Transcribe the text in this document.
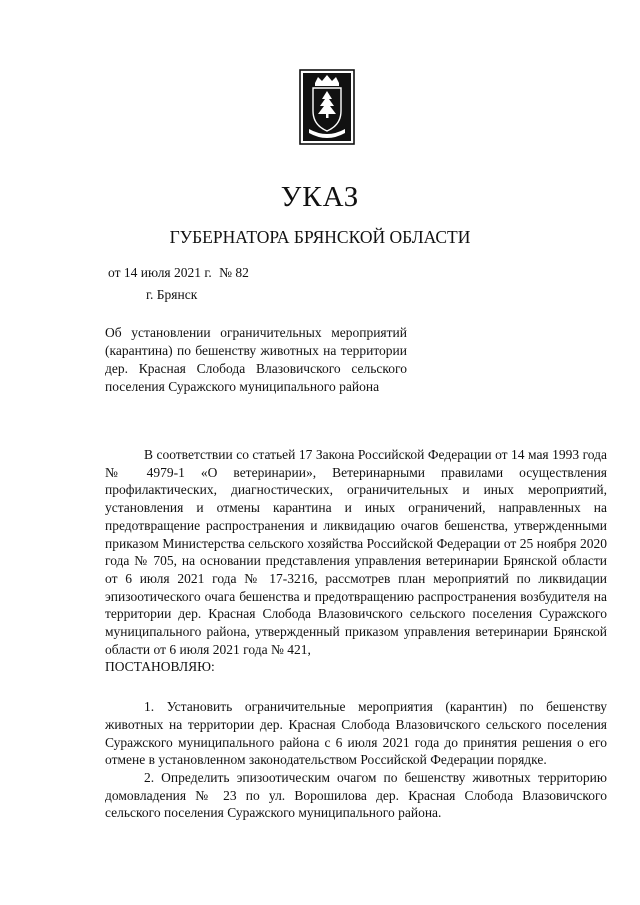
УКАЗ
ГУБЕРНАТОРА БРЯНСКОЙ ОБЛАСТИ
от 14 июля 2021 г. № 82
г. Брянск
Об установлении ограничительных мероприятий (карантина) по бешенству животных на территории дер. Красная Слобода Влазовичского сельского поселения Суражского муниципального района

В соответствии со статьей 17 Закона Российской Федерации от 14 мая 1993 года № 4979-1 «О ветеринарии», Ветеринарными правилами осуществления профилактических, диагностических, ограничительных и иных мероприятий, установления и отмены карантина и иных ограничений, направленных на предотвращение распространения и ликвидацию очагов бешенства, утвержденными приказом Министерства сельского хозяйства Российской Федерации от 25 ноября 2020 года № 705, на основании представления управления ветеринарии Брянской области от 6 июля 2021 года № 17-3216, рассмотрев план мероприятий по ликвидации эпизоотического очага бешенства и предотвращению распространения возбудителя на территории дер. Красная Слобода Влазовичского сельского поселения Суражского муниципального района, утвержденный приказом управления ветеринарии Брянской области от 6 июля 2021 года № 421,

ПОСТАНОВЛЯЮ:

1. Установить ограничительные мероприятия (карантин) по бешенству животных на территории дер. Красная Слобода Влазовичского сельского поселения Суражского муниципального района с 6 июля 2021 года до принятия решения о его отмене в установленном законодательством Российской Федерации порядке.

2. Определить эпизоотическим очагом по бешенству животных территорию домовладения № 23 по ул. Ворошилова дер. Красная Слобода Влазовичского сельского поселения Суражского муниципального района.
